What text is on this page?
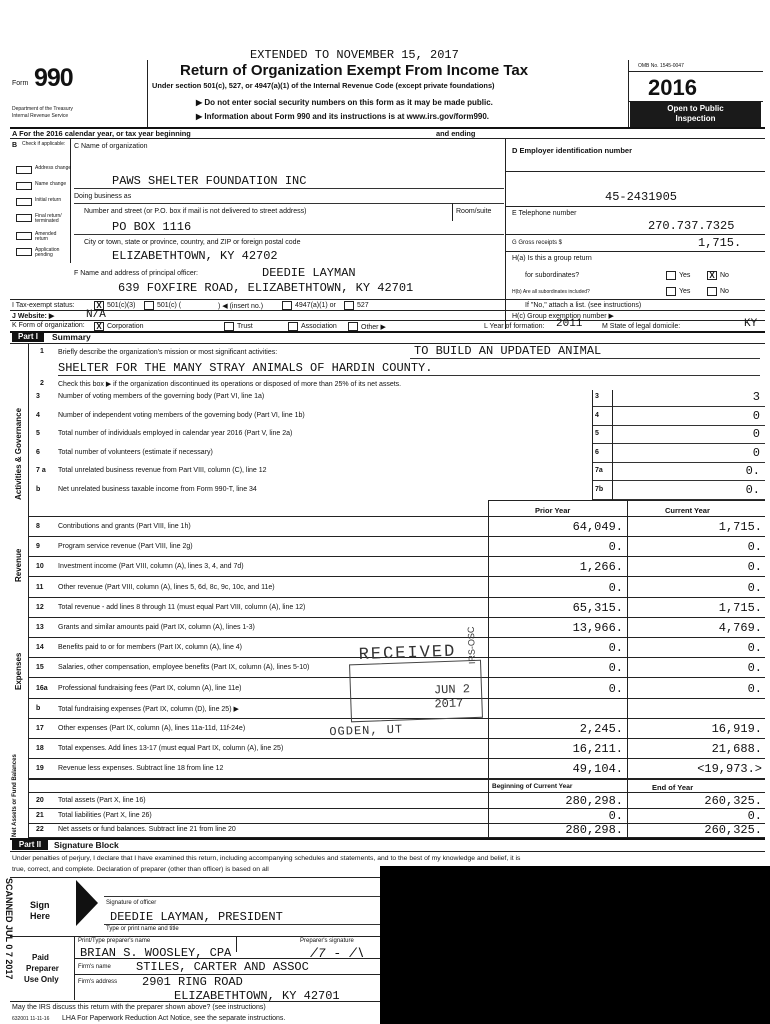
EXTENDED TO NOVEMBER 15, 2017
Form 990
Department of the Treasury
Internal Revenue Service
Return of Organization Exempt From Income Tax
Under section 501(c), 527, or 4947(a)(1) of the Internal Revenue Code (except private foundations)
▶ Do not enter social security numbers on this form as it may be made public.
▶ Information about Form 990 and its instructions is at www.irs.gov/form990.
OMB No. 1545-0047
2016
Open to Public
Inspection
A For the 2016 calendar year, or tax year beginning	and ending
B Check if applicable:
Address change
Name change
Initial return
Final return/ terminated
Amended return
Application pending
C Name of organization
PAWS SHELTER FOUNDATION INC
Doing business as
Number and street (or P.O. box if mail is not delivered to street address)	Room/suite
PO BOX 1116
City or town, state or province, country, and ZIP or foreign postal code
ELIZABETHTOWN, KY 42702
D Employer identification number
45-2431905
E Telephone number
270.737.7325
G Gross receipts $	1,715.
H(a) Is this a group return
F Name and address of principal officer:	DEEDIE LAYMAN
639 FOXFIRE ROAD, ELIZABETHTOWN, KY 42701
for subordinates?	Yes X No
H(b) Are all subordinates included?	Yes	No
I Tax-exempt status:	X 501(c)(3)	501(c) (	) ◀ (insert no.)	4947(a)(1) or	527	If "No," attach a list. (see instructions)
J Website: ▶	N/A	H(c) Group exemption number ▶
K Form of organization: X Corporation	Trust	Association	Other ▶	L Year of formation: 2011	M State of legal domicile:	KY
Part I	Summary
Activities & Governance
Revenue
Expenses
Net Assets or Fund Balances
1 Briefly describe the organization's mission or most significant activities:	TO BUILD AN UPDATED ANIMAL
SHELTER FOR THE MANY STRAY ANIMALS OF HARDIN COUNTY.
2 Check this box ▶ if the organization discontinued its operations or disposed of more than 25% of its net assets.
3	Number of voting members of the governing body (Part VI, line 1a)	3	3
4	Number of independent voting members of the governing body (Part VI, line 1b)	4	0
5	Total number of individuals employed in calendar year 2016 (Part V, line 2a)	5	0
6	Total number of volunteers (estimate if necessary)	6	0
7 a Total unrelated business revenue from Part VIII, column (C), line 12	7a	0.
b	Net unrelated business taxable income from Form 990-T, line 34	7b	0.
Prior Year	Current Year
8	Contributions and grants (Part VIII, line 1h)	64,049.	1,715.
9	Program service revenue (Part VIII, line 2g)	0.	0.
10 Investment income (Part VIII, column (A), lines 3, 4, and 7d)	1,266.	0.
11 Other revenue (Part VIII, column (A), lines 5, 6d, 8c, 9c, 10c, and 11e)	0.	0.
12 Total revenue - add lines 8 through 11 (must equal Part VIII, column (A), line 12)	65,315.	1,715.
13 Grants and similar amounts paid (Part IX, column (A), lines 1-3)	13,966.	4,769.
14 Benefits paid to or for members (Part IX, column (A), line 4)	0.	0.
15 Salaries, other compensation, employee benefits (Part IX, column (A), lines 5-10)	0.	0.
16a Professional fundraising fees (Part IX, column (A), line 11e)	0.	0.
b	Total fundraising expenses (Part IX, column (D), line 25) ▶
17 Other expenses (Part IX, column (A), lines 11a-11d, 11f-24e)	2,245.	16,919.
18 Total expenses. Add lines 13-17 (must equal Part IX, column (A), line 25)	16,211.	21,688.
19 Revenue less expenses. Subtract line 18 from line 12	49,104.	<19,973.>
Beginning of Current Year	End of Year
20 Total assets (Part X, line 16)	280,298.	260,325.
21 Total liabilities (Part X, line 26)	0.	0.
22 Net assets or fund balances. Subtract line 21 from line 20	280,298.	260,325.
RECEIVED
JUN 2 2017
OGDEN, UT
IRS-OSC
Part II	Signature Block
Under penalties of perjury, I declare that I have examined this return, including accompanying schedules and statements, and to the best of my knowledge and belief, it is
true, correct, and complete. Declaration of preparer (other than officer) is based on all
SCANNED JUL 0 7 2017 Sign
Here
Signature of officer
DEEDIE LAYMAN, PRESIDENT
Type or print name and title
Paid
Preparer
Use Only
Print/Type preparer's name	Preparer's signature
BRIAN S. WOOSLEY, CPA	/7 - /\
Firm's name STILES, CARTER AND ASSOC
Firm's address 2901 RING ROAD
ELIZABETHTOWN, KY 42701
May the IRS discuss this return with the preparer shown above? (see instructions)
632001 11-11-16 LHA For Paperwork Reduction Act Notice, see the separate instructions.
